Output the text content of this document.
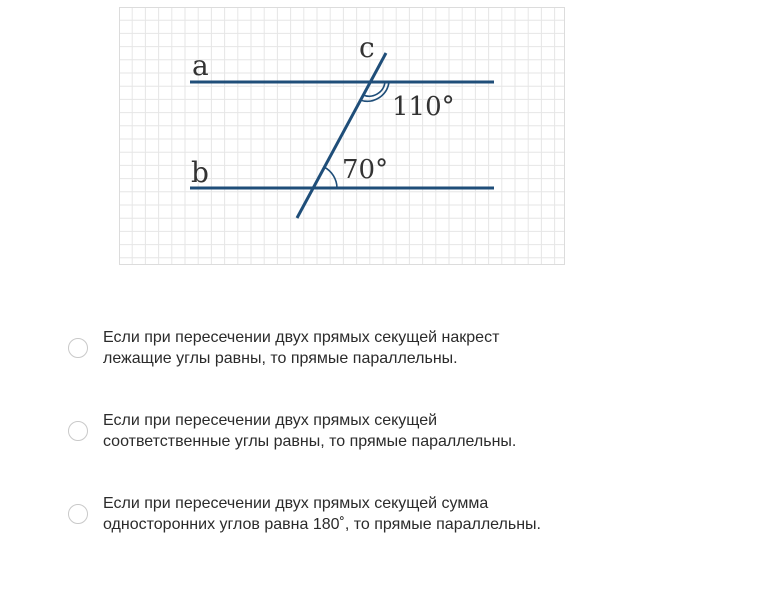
a
b
c
110°
70°
Если при пересечении двух прямых секущей накрест
лежащие углы равны, то прямые параллельны.
Если при пересечении двух прямых секущей
соответственные углы равны, то прямые параллельны.
Если при пересечении двух прямых секущей сумма
односторонних углов равна 180˚, то прямые параллельны.
